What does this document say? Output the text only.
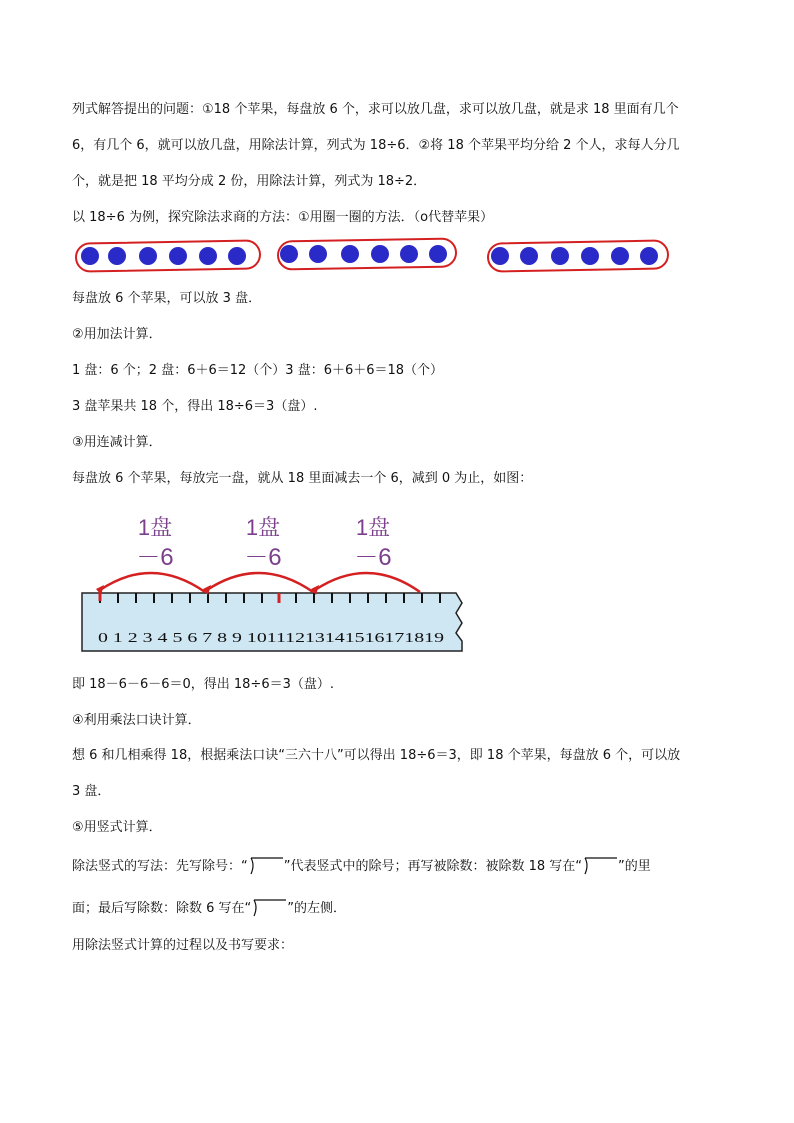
列式解答提出的问题：①18 个苹果，每盘放 6 个，求可以放几盘，求可以放几盘，就是求 18 里面有几个
6，有几个 6，就可以放几盘，用除法计算，列式为 18÷6．②将 18 个苹果平均分给 2 个人，求每人分几
个，就是把 18 平均分成 2 份，用除法计算，列式为 18÷2．
以 18÷6 为例，探究除法求商的方法：①用圈一圈的方法．（o代替苹果）
每盘放 6 个苹果，可以放 3 盘．
②用加法计算．
1 盘：6 个；2 盘：6＋6＝12（个）3 盘：6＋6＋6＝18（个）
3 盘苹果共 18 个，得出 18÷6＝3（盘）.
③用连减计算．
每盘放 6 个苹果，每放完一盘，就从 18 里面减去一个 6，减到 0 为止，如图：
1盘
－6
1盘
－6
1盘
－6
0 1 2 3 4 5 6 7 8 9 10 11 12 13 14 15 16 17 18 19
即 18－6－6－6＝0，得出 18÷6＝3（盘）.
④利用乘法口诀计算．
想 6 和几相乘得 18，根据乘法口诀“三六十八”可以得出 18÷6＝3，即 18 个苹果，每盘放 6 个，可以放
3 盘．
⑤用竖式计算．
除法竖式的写法：先写除号：“	”代表竖式中的除号；再写被除数：被除数 18 写在“	”的里
面；最后写除数：除数 6 写在“	”的左侧．
用除法竖式计算的过程以及书写要求：
